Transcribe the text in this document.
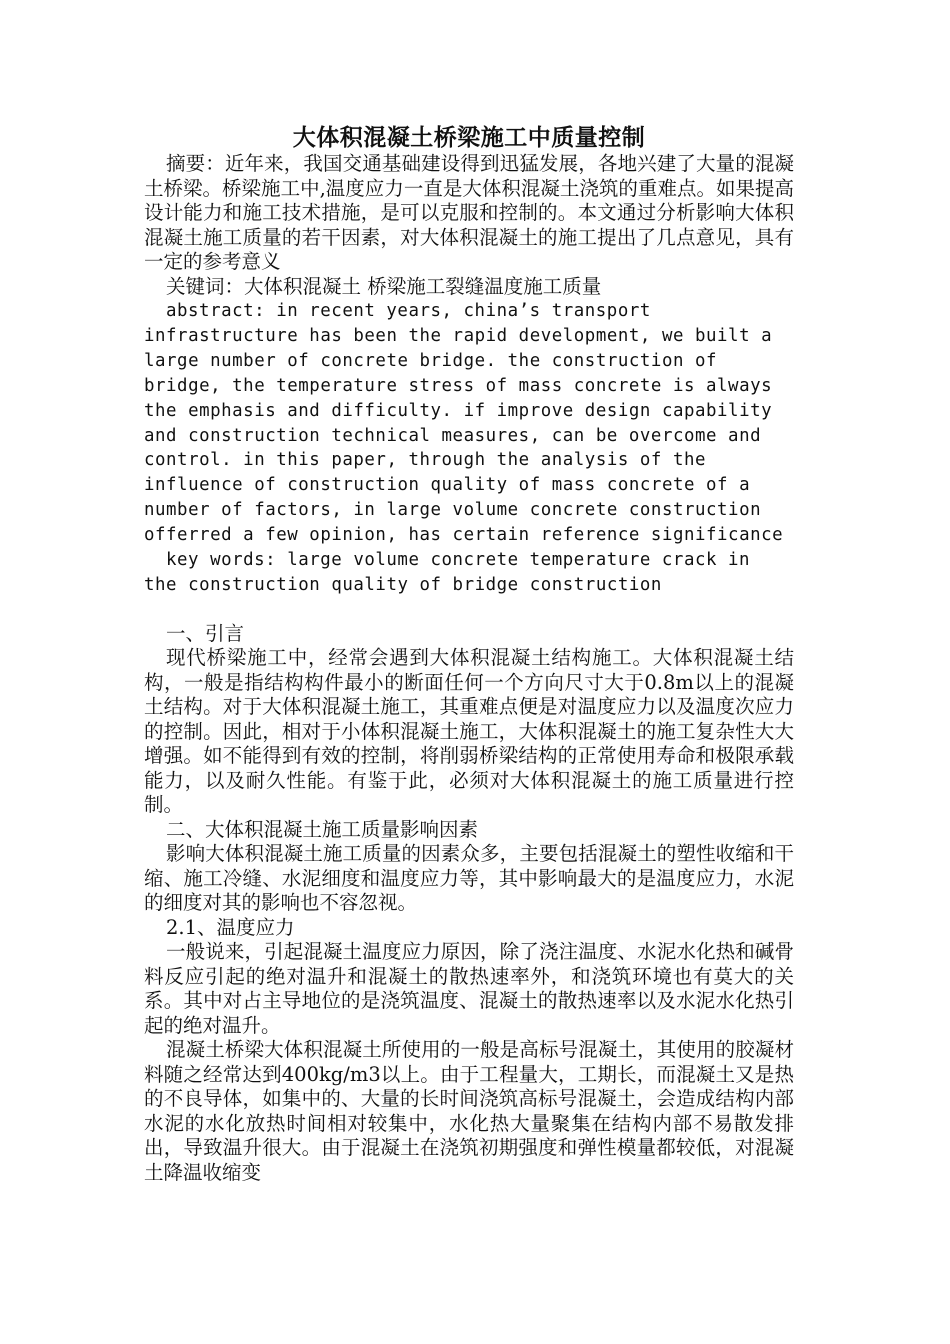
大体积混凝土桥梁施工中质量控制

摘要：近年来，我国交通基础建设得到迅猛发展，各地兴建了大量的混凝土桥梁。桥梁施工中,温度应力一直是大体积混凝土浇筑的重难点。如果提高设计能力和施工技术措施，是可以克服和控制的。本文通过分析影响大体积混凝土施工质量的若干因素，对大体积混凝土的施工提出了几点意见，具有一定的参考意义

关键词：大体积混凝土 桥梁施工裂缝温度施工质量

abstract: in recent years, china’s transport infrastructure has been the rapid development, we built a large number of concrete bridge. the construction of bridge, the temperature stress of mass concrete is always the emphasis and difficulty. if improve design capability and construction technical measures, can be overcome and control. in this paper, through the analysis of the influence of construction quality of mass concrete of a number of factors, in large volume concrete construction offerred a few opinion, has certain reference significance

key words: large volume concrete temperature crack in the construction quality of bridge construction

一、引言

现代桥梁施工中，经常会遇到大体积混凝土结构施工。大体积混凝土结构，一般是指结构构件最小的断面任何一个方向尺寸大于0.8m以上的混凝土结构。对于大体积混凝土施工，其重难点便是对温度应力以及温度次应力的控制。因此，相对于小体积混凝土施工，大体积混凝土的施工复杂性大大增强。如不能得到有效的控制，将削弱桥梁结构的正常使用寿命和极限承载能力，以及耐久性能。有鉴于此，必须对大体积混凝土的施工质量进行控制。

二、大体积混凝土施工质量影响因素

影响大体积混凝土施工质量的因素众多，主要包括混凝土的塑性收缩和干缩、施工冷缝、水泥细度和温度应力等，其中影响最大的是温度应力，水泥的细度对其的影响也不容忽视。

2.1、温度应力

一般说来，引起混凝土温度应力原因，除了浇注温度、水泥水化热和碱骨料反应引起的绝对温升和混凝土的散热速率外，和浇筑环境也有莫大的关系。其中对占主导地位的是浇筑温度、混凝土的散热速率以及水泥水化热引起的绝对温升。

混凝土桥梁大体积混凝土所使用的一般是高标号混凝土，其使用的胶凝材料随之经常达到400kg/m3以上。由于工程量大，工期长，而混凝土又是热的不良导体，如集中的、大量的长时间浇筑高标号混凝土，会造成结构内部水泥的水化放热时间相对较集中，水化热大量聚集在结构内部不易散发排出，导致温升很大。由于混凝土在浇筑初期强度和弹性模量都较低，对混凝土降温收缩变
